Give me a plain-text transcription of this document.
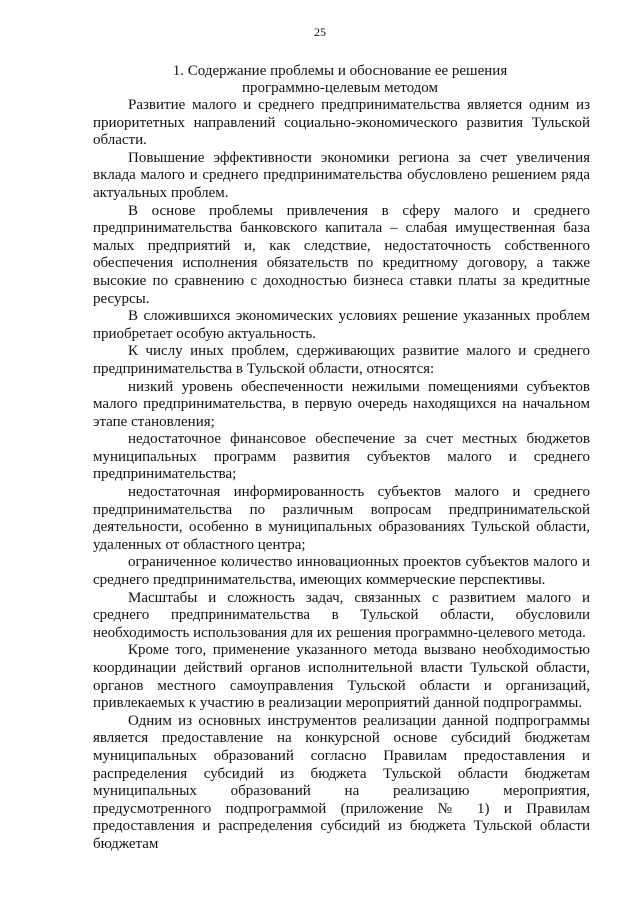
25
1. Содержание проблемы и обоснование ее решения
программно-целевым методом

Развитие малого и среднего предпринимательства является одним из приоритетных направлений социально-экономического развития Тульской области.

Повышение эффективности экономики региона за счет увеличения вклада малого и среднего предпринимательства обусловлено решением ряда актуальных проблем.

В основе проблемы привлечения в сферу малого и среднего предпринимательства банковского капитала – слабая имущественная база малых предприятий и, как следствие, недостаточность собственного обеспечения исполнения обязательств по кредитному договору, а также высокие по сравнению с доходностью бизнеса ставки платы за кредитные ресурсы.

В сложившихся экономических условиях решение указанных проблем приобретает особую актуальность.

К числу иных проблем, сдерживающих развитие малого и среднего предпринимательства в Тульской области, относятся:

низкий уровень обеспеченности нежилыми помещениями субъектов малого предпринимательства, в первую очередь находящихся на начальном этапе становления;

недостаточное финансовое обеспечение за счет местных бюджетов муниципальных программ развития субъектов малого и среднего предпринимательства;

недостаточная информированность субъектов малого и среднего предпринимательства по различным вопросам предпринимательской деятельности, особенно в муниципальных образованиях Тульской области, удаленных от областного центра;

ограниченное количество инновационных проектов субъектов малого и среднего предпринимательства, имеющих коммерческие перспективы.

Масштабы и сложность задач, связанных с развитием малого и среднего предпринимательства в Тульской области, обусловили необходимость использования для их решения программно-целевого метода.

Кроме того, применение указанного метода вызвано необходимостью координации действий органов исполнительной власти Тульской области, органов местного самоуправления Тульской области и организаций, привлекаемых к участию в реализации мероприятий данной подпрограммы.

Одним из основных инструментов реализации данной подпрограммы является предоставление на конкурсной основе субсидий бюджетам муниципальных образований согласно Правилам предоставления и распределения субсидий из бюджета Тульской области бюджетам муниципальных образований на реализацию мероприятия, предусмотренного подпрограммой (приложение № 1) и Правилам предоставления и распределения субсидий из бюджета Тульской области бюджетам
